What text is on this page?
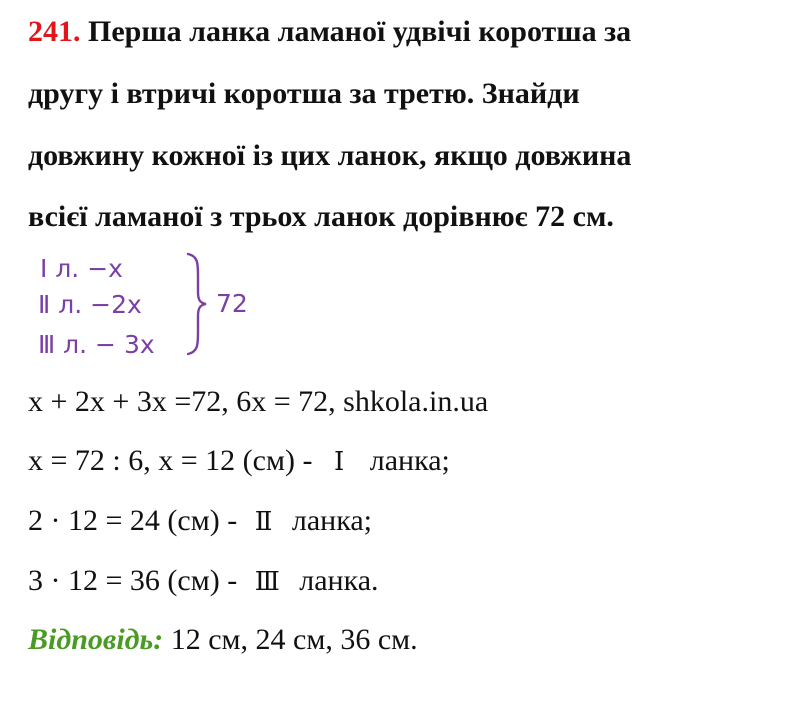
241. Перша ланка ламаної удвічі коротша за
другу і втричі коротша за третю. Знайди
довжину кожної із цих ланок, якщо довжина
всієї ламаної з трьох ланок дорівнює 72 см.
Ⅰ л. −x
Ⅱ л. −2x
Ⅲ л. − 3x
72
x + 2x + 3x =72, 6x = 72, shkola.in.ua
x = 72 : 6, x = 12 (см) - Ⅰ ланка;
2 · 12 = 24 (см) - Ⅱ ланка;
3 · 12 = 36 (см) - Ⅲ ланка.
Відповідь: 12 см, 24 см, 36 см.
